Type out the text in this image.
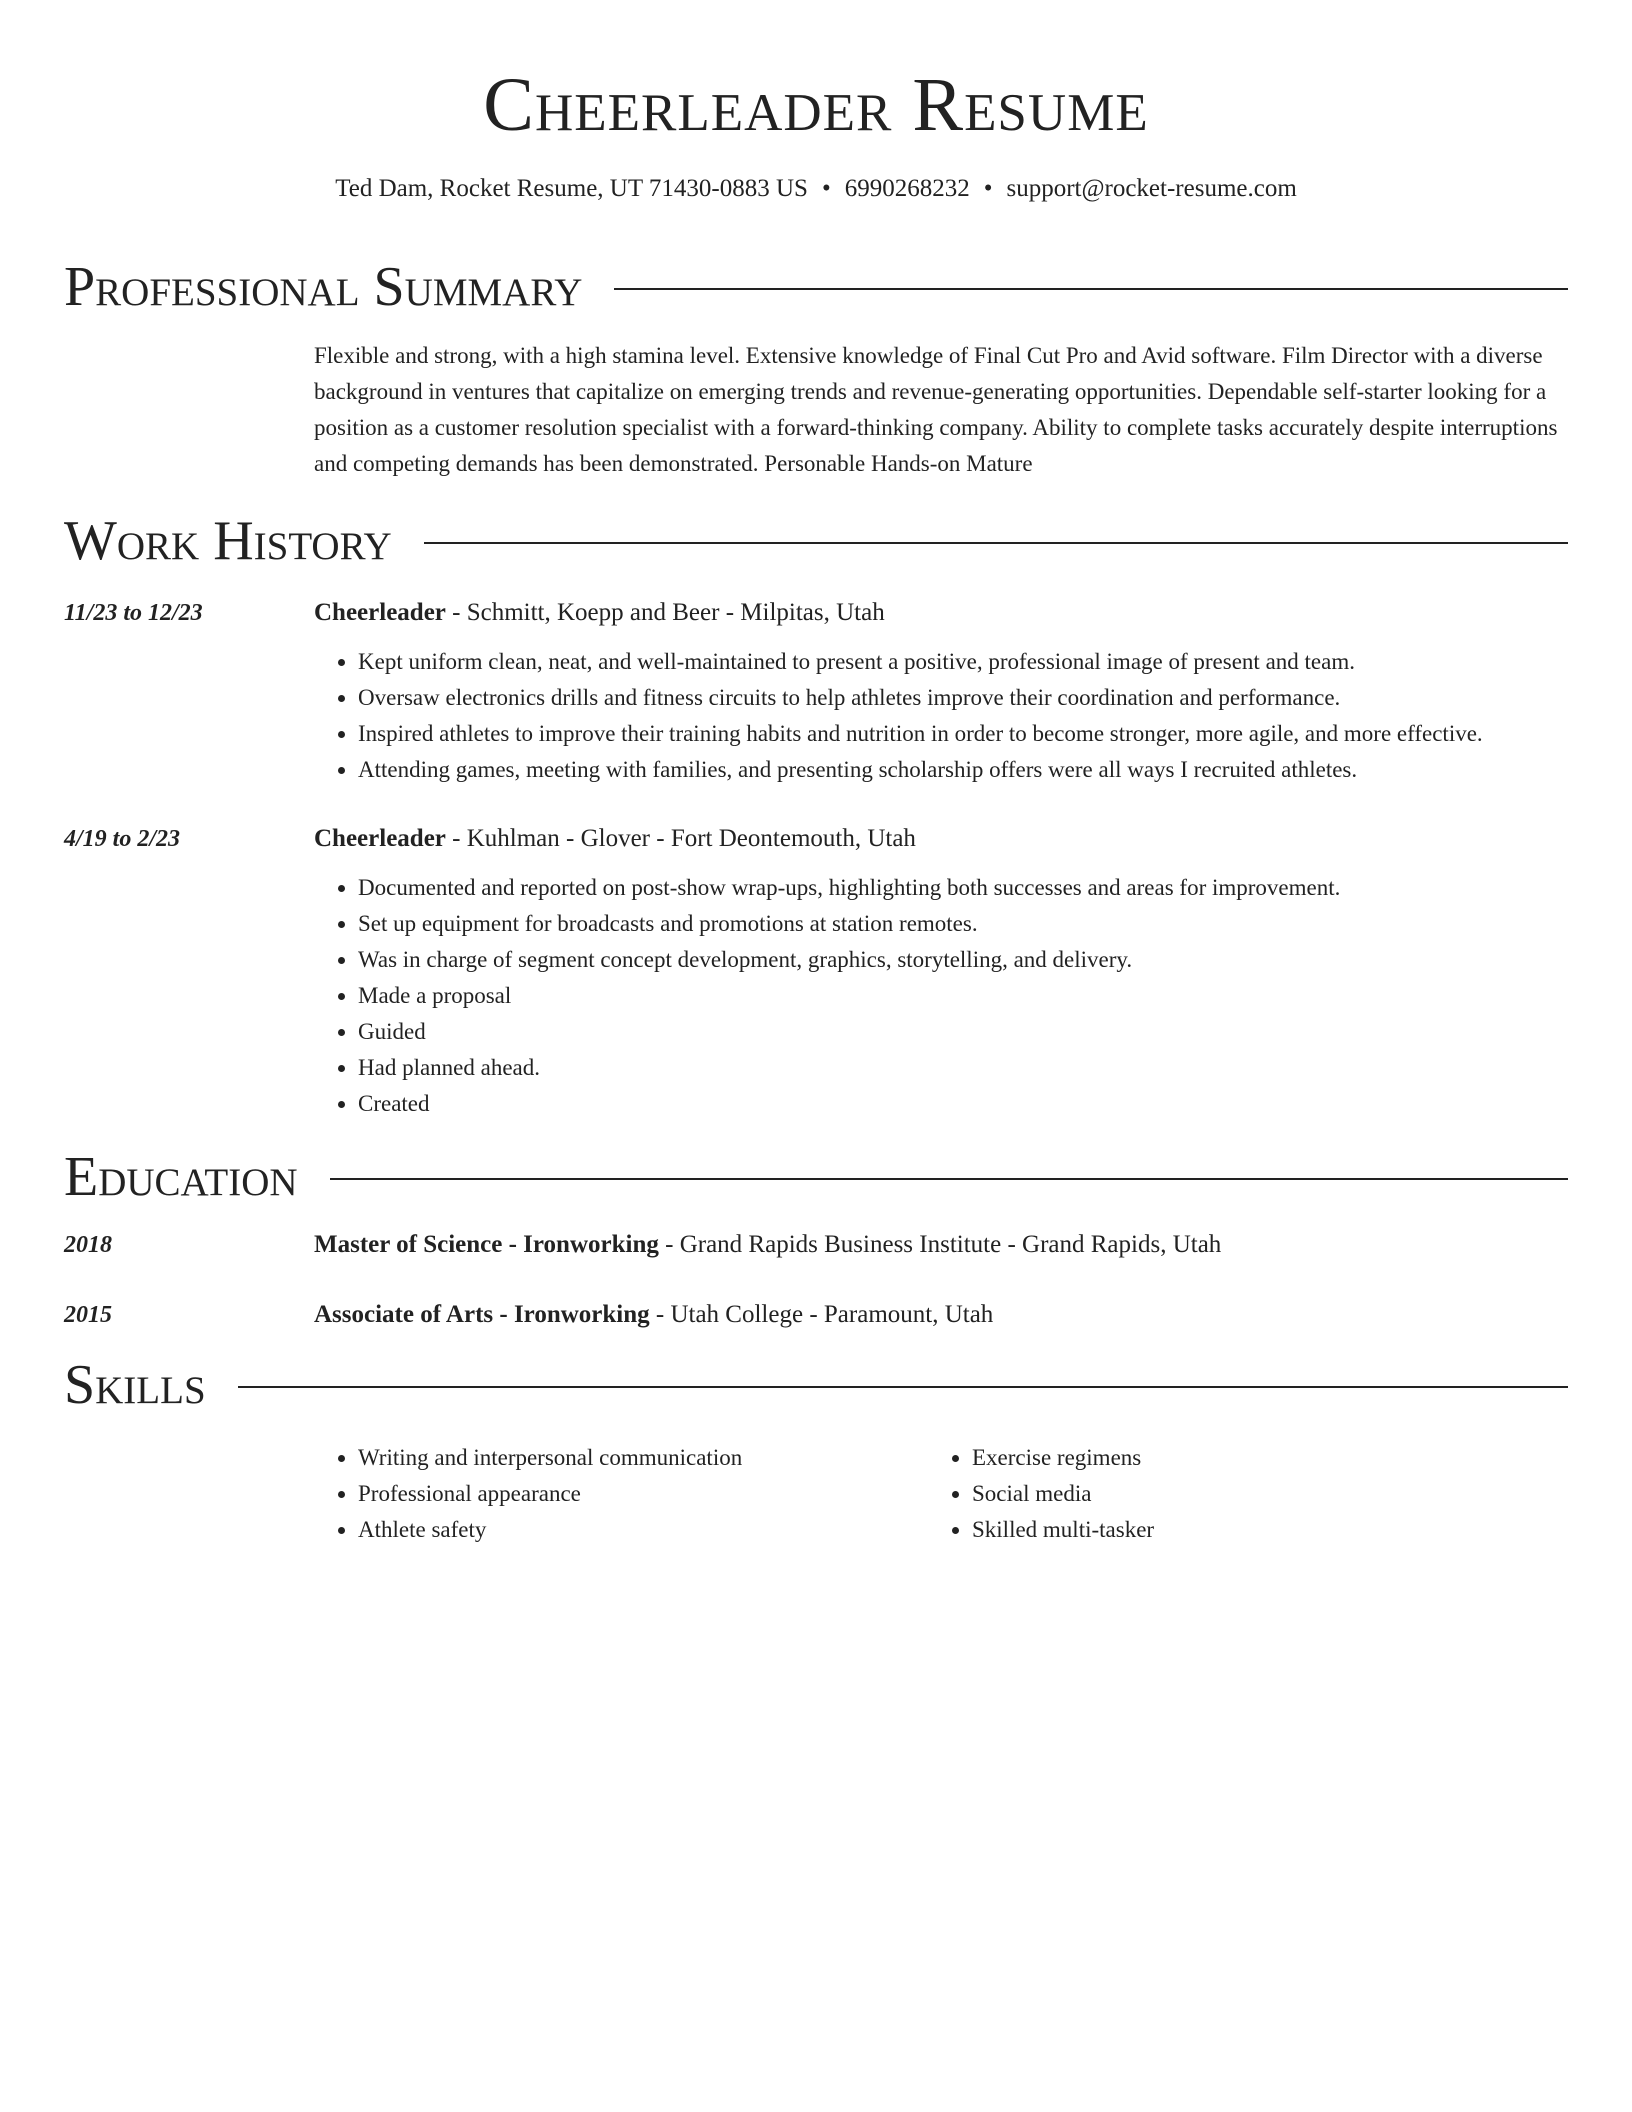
Cheerleader Resume
Ted Dam, Rocket Resume, UT 71430-0883 US • 6990268232 • support@rocket-resume.com
Professional Summary

Flexible and strong, with a high stamina level. Extensive knowledge of Final Cut Pro and Avid software. Film Director with a diverse background in ventures that capitalize on emerging trends and revenue-generating opportunities. Dependable self-starter looking for a position as a customer resolution specialist with a forward-thinking company. Ability to complete tasks accurately despite interruptions and competing demands has been demonstrated. Personable Hands-on Mature

Work History
11/23 to 12/23	Cheerleader - Schmitt, Koepp and Beer - Milpitas, Utah
• Kept uniform clean, neat, and well-maintained to present a positive, professional image of present and team.
• Oversaw electronics drills and fitness circuits to help athletes improve their coordination and performance.
• Inspired athletes to improve their training habits and nutrition in order to become stronger, more agile, and more effective.
• Attending games, meeting with families, and presenting scholarship offers were all ways I recruited athletes.
4/19 to 2/23	Cheerleader - Kuhlman - Glover - Fort Deontemouth, Utah
• Documented and reported on post-show wrap-ups, highlighting both successes and areas for improvement.
• Set up equipment for broadcasts and promotions at station remotes.
• Was in charge of segment concept development, graphics, storytelling, and delivery.
• Made a proposal
• Guided
• Had planned ahead.
• Created
Education
2018	Master of Science - Ironworking - Grand Rapids Business Institute - Grand Rapids, Utah
2015	Associate of Arts - Ironworking - Utah College - Paramount, Utah
Skills
• Writing and interpersonal communication
• Professional appearance
• Athlete safety
• Exercise regimens
• Social media
• Skilled multi-tasker
